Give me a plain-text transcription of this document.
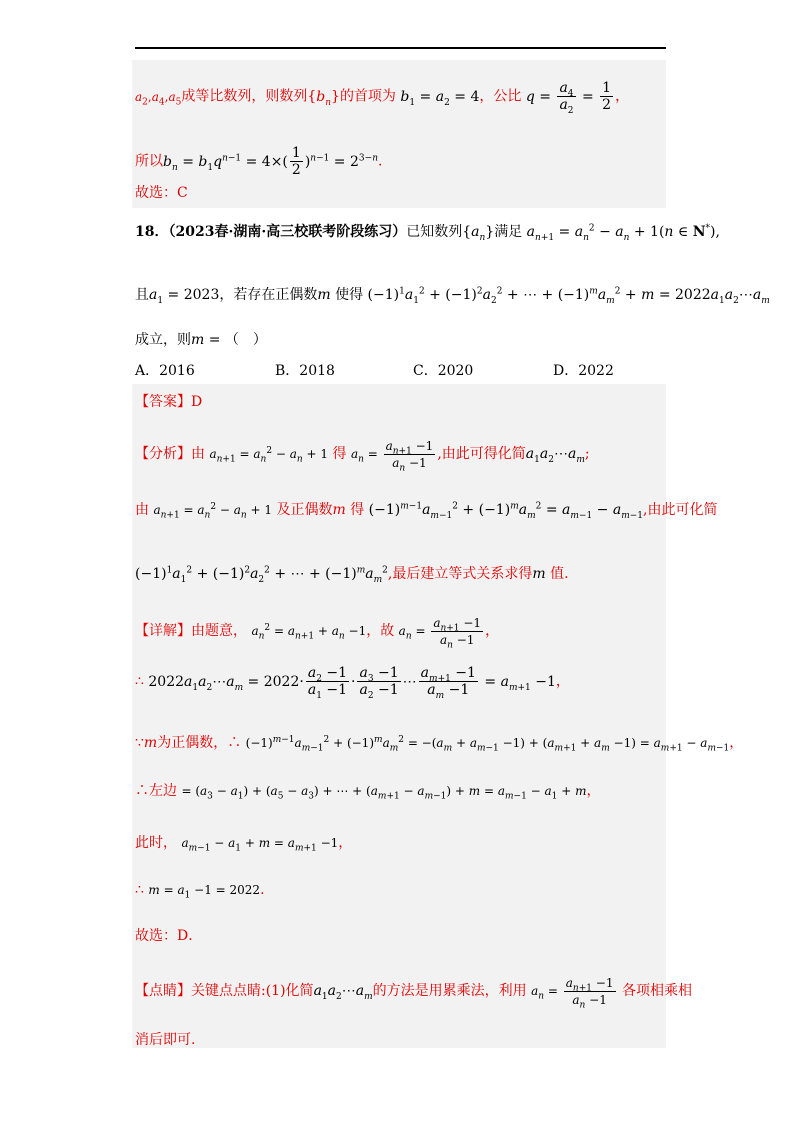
$a_2,a_4,a_5$成等比数列，则数列$\{b_n\}$的首项为 $b_1 = a_2 = 4$，公比 $q = \frac{a_4}{a_2} = \frac{1}{2}$ ，
所以$b_n = b_1q^{n-1} = 4\times( \frac{1}{2} )^{n-1} = 2^{3-n}$.
故选：C
18．（2023春·湖南·高三校联考阶段练习）已知数列$\{a_n\}$满足 $a_{n+1} = a_n^2 - a_n + 1(n$ ∈ N*),
且$a_1 = 2023$，若存在正偶数m 使得 $(-1)^1a_1^2 + (-1)^2a_2^2$ + ⋯ + $(-1)^ma_m^2 + m$ = $2022a_1a_2\cdots a_m$
成立，则m = （　）
A．2016	B．2018	C．2020	D．2022
【答案】D
【分析】由 $a_{n+1} = a_n^2 - a_n + 1$ 得 $a_n = \frac{a_{n+1} -1}{a_n -1}$ ,由此可得化简$a_1a_2\cdots a_m$;
由 $a_{n+1} = a_n^2 - a_n + 1$ 及正偶数m 得 $(-1)^{m-1}a_{m-1}^2 + (-1)^ma_m^2 = a_{m-1} - a_{m-1}$,由此可化简
$(-1)^1a_1^2 + (-1)^2a_2^2$ + ⋯ + $(-1)^ma_m^2$,最后建立等式关系求得m 值.
【详解】由题意， $a_n^2 = a_{n+1} + a_n -1$，故 $a_n = \frac{a_{n+1} -1}{a_n -1}$ ，
∴ $2022a_1a_2\cdots a_m = 2022\cdot \frac{a_2 -1}{a_1 -1} \cdot \frac{a_3 -1}{a_2 -1}$ ⋯ $\frac{a_{m+1} -1}{a_m -1} = a_{m+1} -1$，
∵m为正偶数，∴ $(-1)^{m-1}a_{m-1}^2 + (-1)^ma_m^2 = -(a_m + a_{m-1} -1) + (a_{m+1} + a_m -1) = a_{m+1} - a_{m-1}$，
∴左边 = $(a_3 - a_1) + (a_5 - a_3)$ + ⋯ + $(a_{m+1} - a_{m-1}) + m = a_{m-1} - a_1 + m$，
此时， $a_{m-1} - a_1 + m = a_{m+1} -1$，
∴ $m = a_1 -1 = 2022$.
故选：D．
【点睛】关键点点睛:(1)化简$a_1a_2\cdots a_m$的方法是用累乘法，利用 $a_n = \frac{a_{n+1} -1}{a_n -1}$ 各项相乘相
消后即可.
